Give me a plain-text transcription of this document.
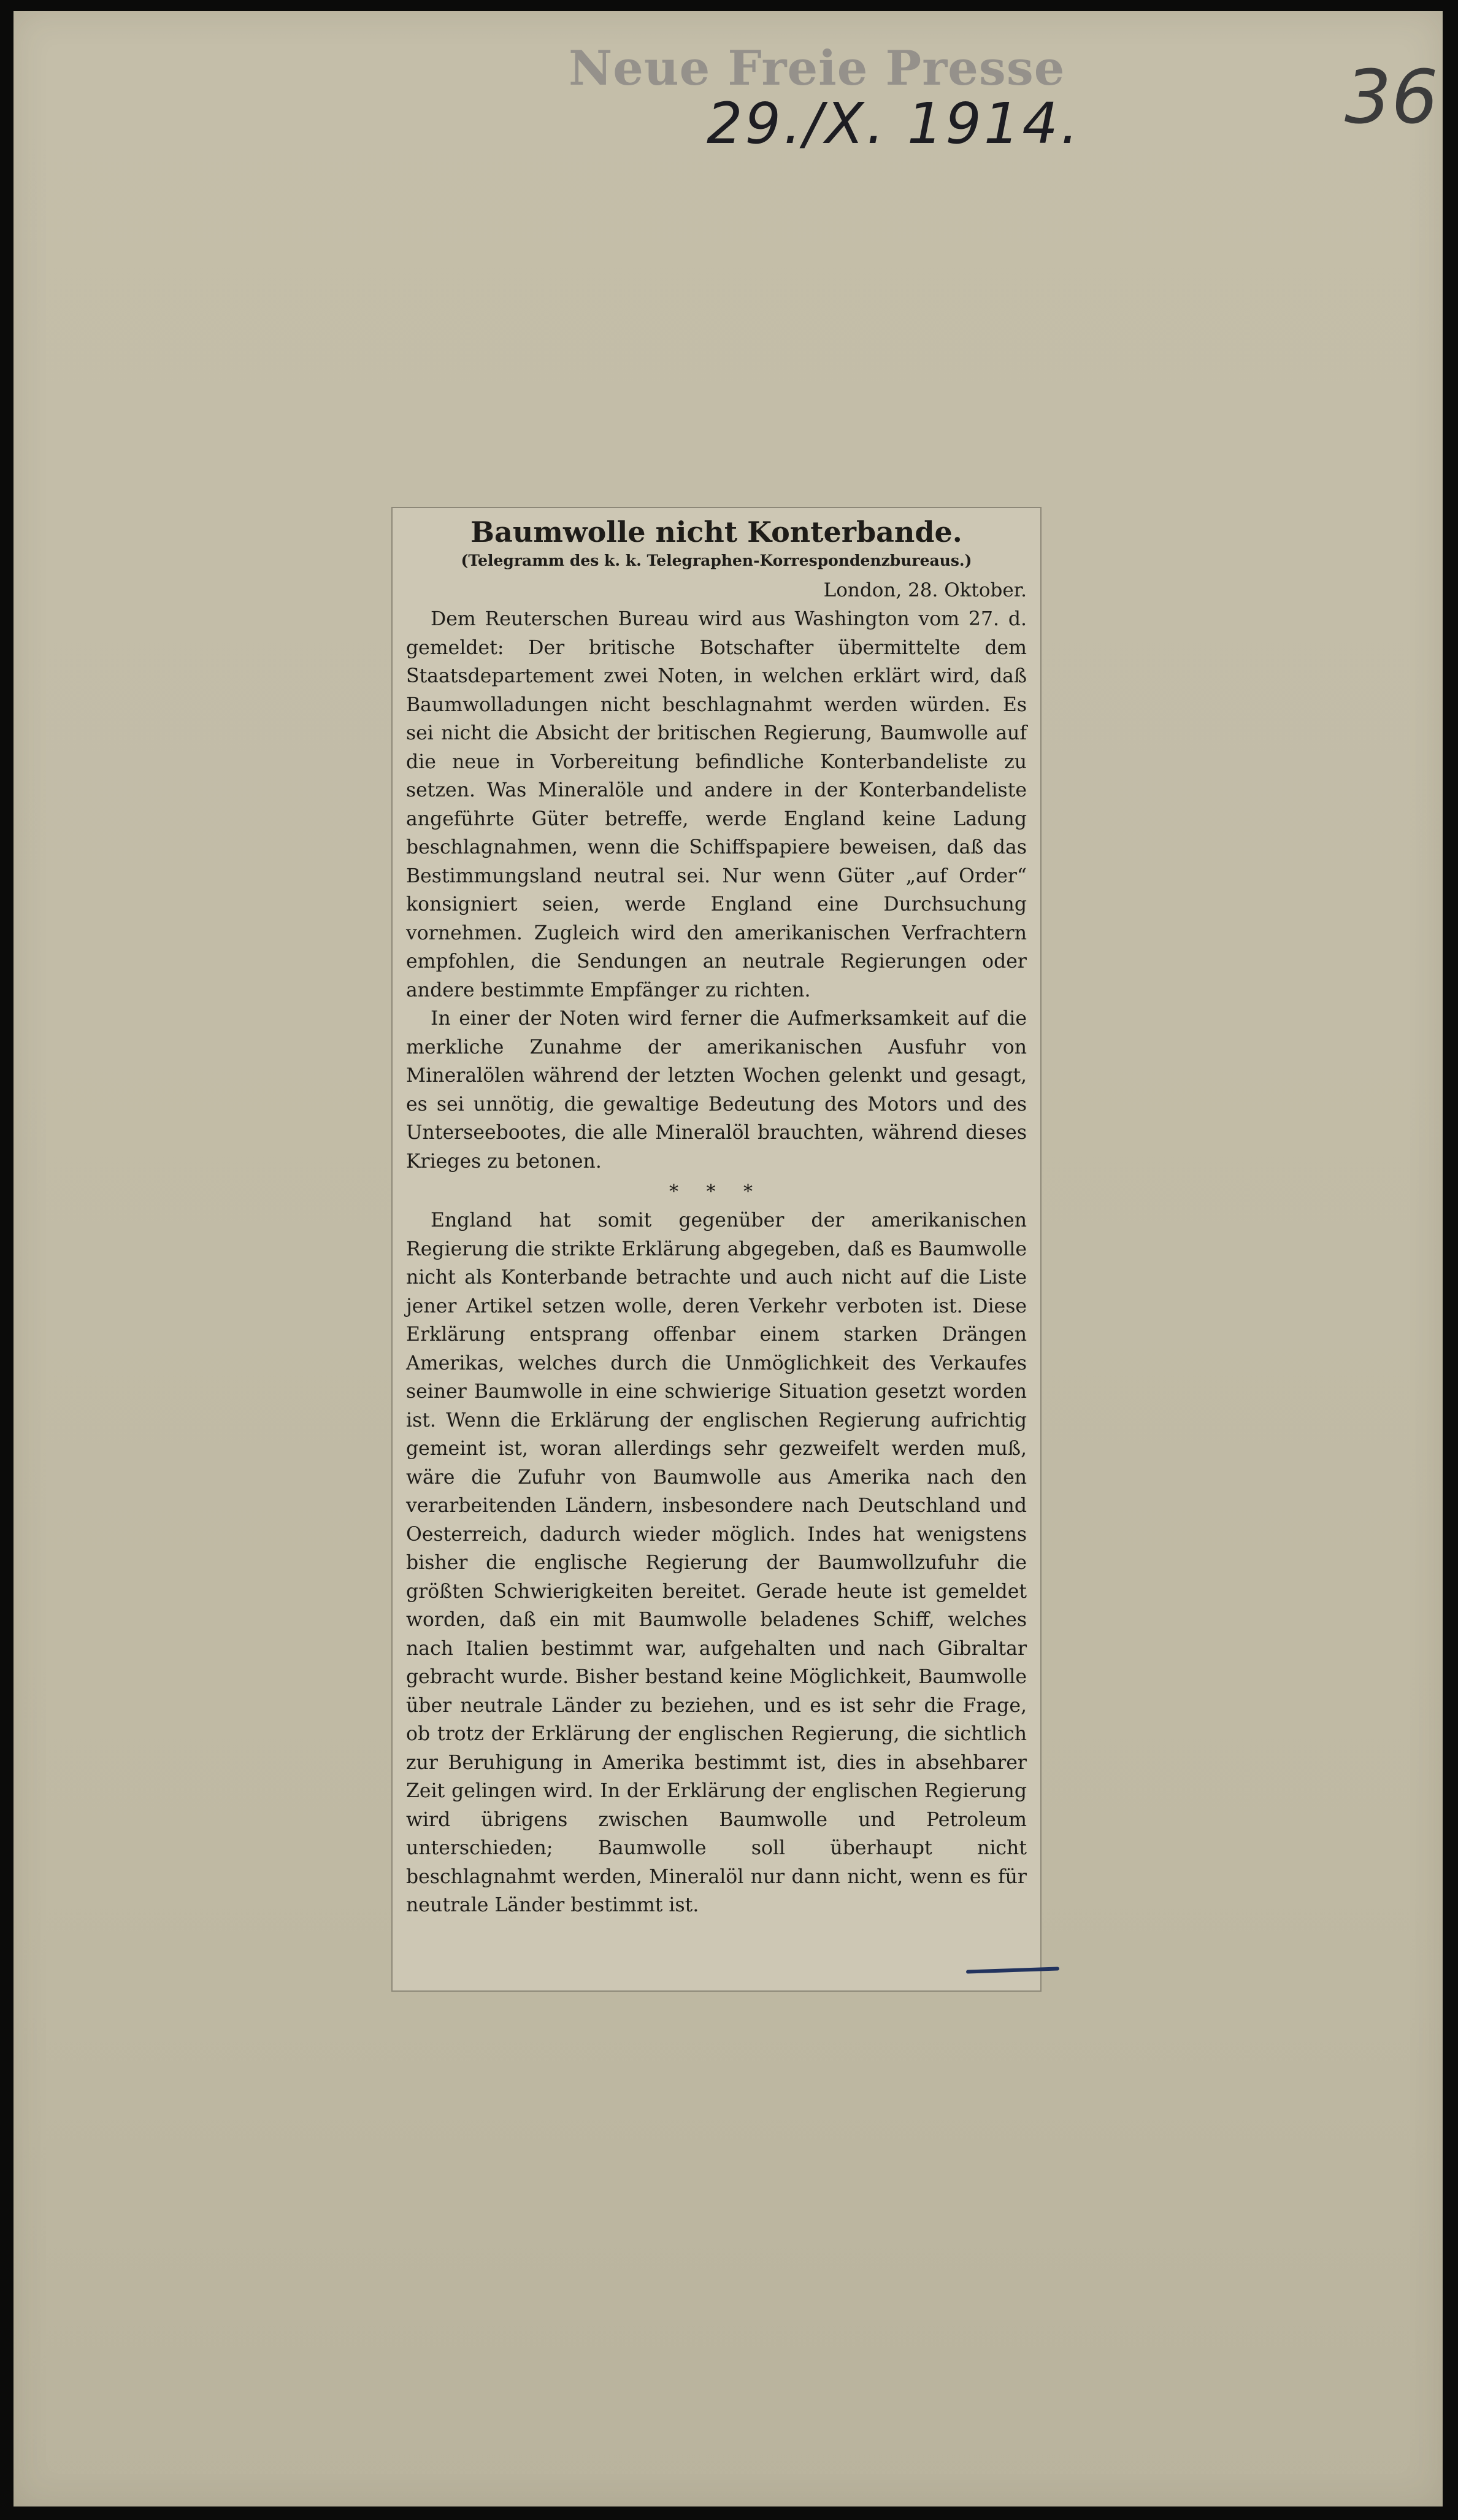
Neue Freie Presse
29./X. 1914.	36

Baumwolle nicht Konterbande.

(Telegramm des k. k. Telegraphen-Korrespondenzbureaus.)

London, 28. Oktober.

Dem Reuterschen Bureau wird aus Washington vom 27. d. gemeldet: Der britische Botschafter übermittelte dem Staatsdepartement zwei Noten, in welchen erklärt wird, daß Baumwolladungen nicht beschlagnahmt werden würden. Es sei nicht die Absicht der britischen Regierung, Baumwolle auf die neue in Vorbereitung befindliche Konterbandeliste zu setzen. Was Mineralöle und andere in der Konterbandeliste angeführte Güter betreffe, werde England keine Ladung beschlagnahmen, wenn die Schiffspapiere beweisen, daß das Bestimmungsland neutral sei. Nur wenn Güter „auf Order“ konsigniert seien, werde England eine Durchsuchung vornehmen. Zugleich wird den amerikanischen Verfrachtern empfohlen, die Sendungen an neutrale Regierungen oder andere bestimmte Empfänger zu richten.

In einer der Noten wird ferner die Aufmerksamkeit auf die merkliche Zunahme der amerikanischen Ausfuhr von Mineralölen während der letzten Wochen gelenkt und gesagt, es sei unnötig, die gewaltige Bedeutung des Motors und des Unterseebootes, die alle Mineralöl brauchten, während dieses Krieges zu betonen.

* * *

England hat somit gegenüber der amerikanischen Regierung die strikte Erklärung abgegeben, daß es Baumwolle nicht als Konterbande betrachte und auch nicht auf die Liste jener Artikel setzen wolle, deren Verkehr verboten ist. Diese Erklärung entsprang offenbar einem starken Drängen Amerikas, welches durch die Unmöglichkeit des Verkaufes seiner Baumwolle in eine schwierige Situation gesetzt worden ist. Wenn die Erklärung der englischen Regierung aufrichtig gemeint ist, woran allerdings sehr gezweifelt werden muß, wäre die Zufuhr von Baumwolle aus Amerika nach den verarbeitenden Ländern, insbesondere nach Deutschland und Oesterreich, dadurch wieder möglich. Indes hat wenigstens bisher die englische Regierung der Baumwollzufuhr die größten Schwierigkeiten bereitet. Gerade heute ist gemeldet worden, daß ein mit Baumwolle beladenes Schiff, welches nach Italien bestimmt war, aufgehalten und nach Gibraltar gebracht wurde. Bisher bestand keine Möglichkeit, Baumwolle über neutrale Länder zu beziehen, und es ist sehr die Frage, ob trotz der Erklärung der englischen Regierung, die sichtlich zur Beruhigung in Amerika bestimmt ist, dies in absehbarer Zeit gelingen wird. In der Erklärung der englischen Regierung wird übrigens zwischen Baumwolle und Petroleum unterschieden; Baumwolle soll überhaupt nicht beschlagnahmt werden, Mineralöl nur dann nicht, wenn es für neutrale Länder bestimmt ist.
